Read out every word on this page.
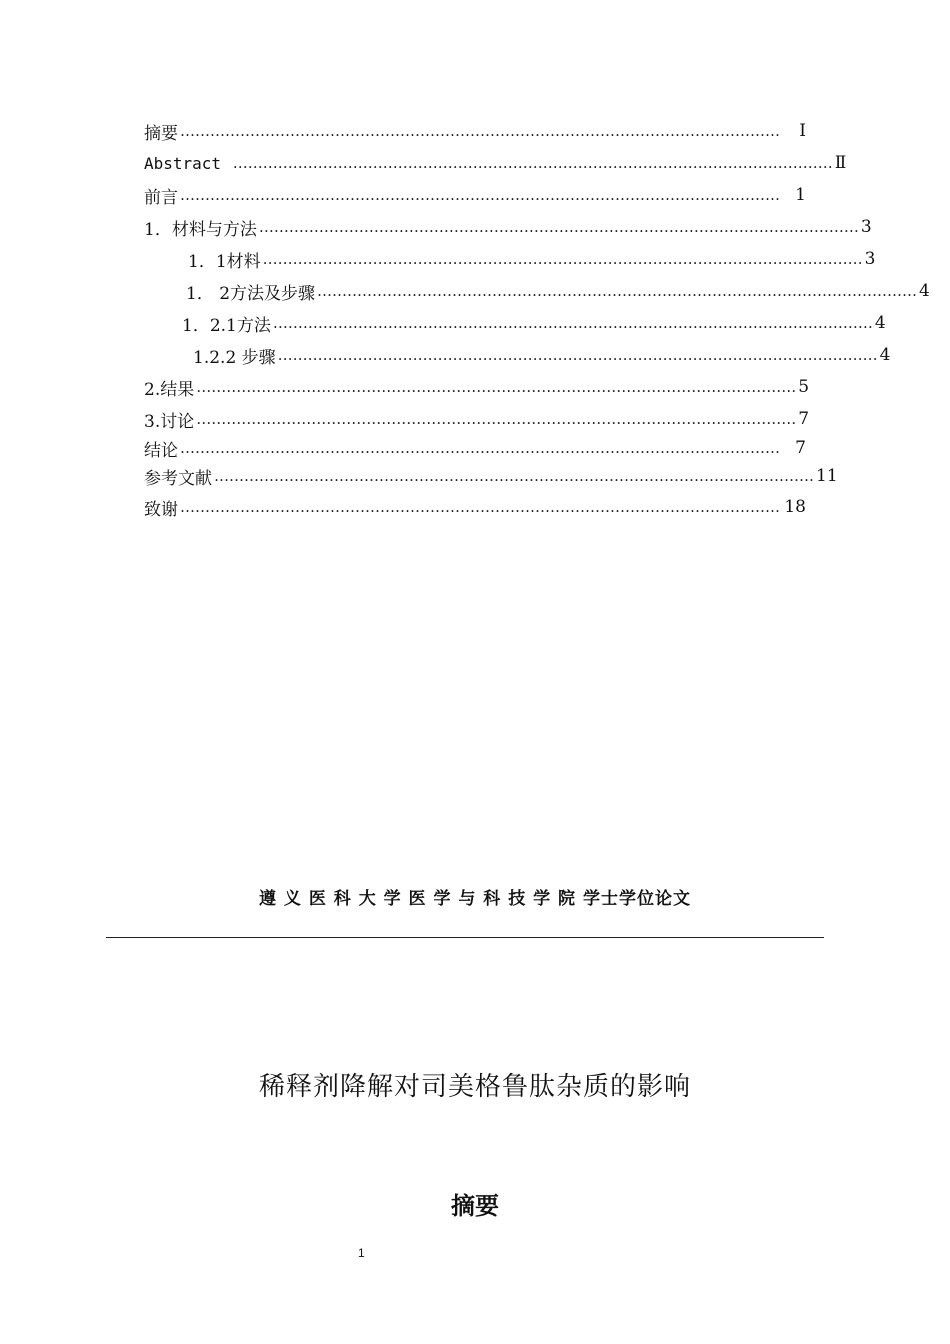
摘要 …………………………………………………………………………………………………………	Ⅰ
Abstract ………………………………………………………………………………………………………… Ⅱ
前言 ………………………………………………………………………………………………………… 1
1．材料与方法 ………………………………………………………………………………………………………… 3
1．1材料 ………………………………………………………………………………………………………… 3
1． 2方法及步骤 ………………………………………………………………………………………………………… 4
1．2.1方法 ………………………………………………………………………………………………………… 4
1.2.2 步骤 ………………………………………………………………………………………………………… 4
2.结果 ………………………………………………………………………………………………………… 5
3.讨论 ………………………………………………………………………………………………………… 7
结论 ………………………………………………………………………………………………………… 7
参考文献 ………………………………………………………………………………………………………… 11
致谢 ………………………………………………………………………………………………………… 18
遵 义 医 科 大 学 医 学 与 科 技 学 院 学士学位论文
稀释剂降解对司美格鲁肽杂质的影响
摘要
1
